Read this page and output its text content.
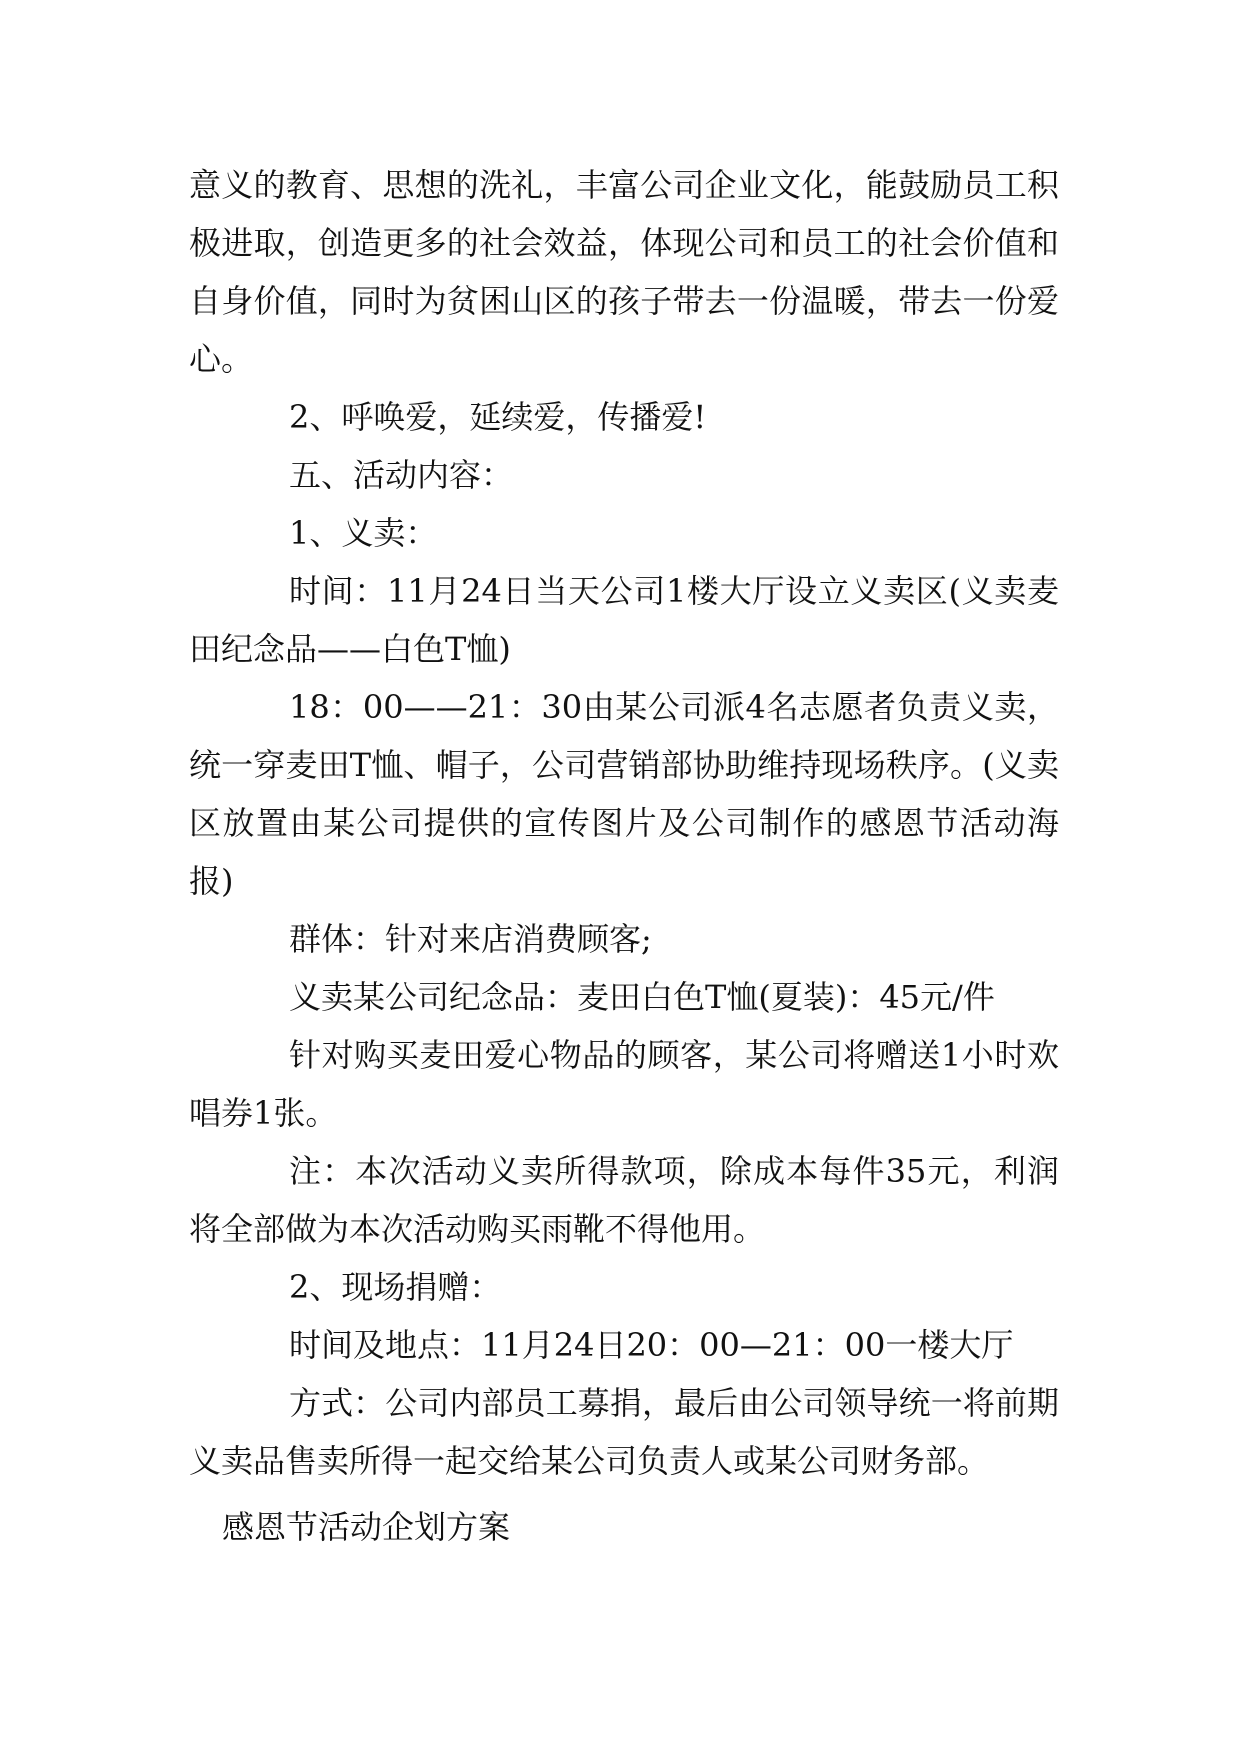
意义的教育、思想的洗礼，丰富公司企业文化，能鼓励员工积极进取，创造更多的社会效益，体现公司和员工的社会价值和自身价值，同时为贫困山区的孩子带去一份温暖，带去一份爱心。

2、呼唤爱，延续爱，传播爱!

五、活动内容：

1、义卖：

时间：11月24日当天公司1楼大厅设立义卖区(义卖麦田纪念品——白色T恤)

18：00——21：30由某公司派4名志愿者负责义卖，统一穿麦田T恤、帽子，公司营销部协助维持现场秩序。(义卖区放置由某公司提供的宣传图片及公司制作的感恩节活动海报)

群体：针对来店消费顾客;

义卖某公司纪念品：麦田白色T恤(夏装)：45元/件

针对购买麦田爱心物品的顾客，某公司将赠送1小时欢唱券1张。

注：本次活动义卖所得款项，除成本每件35元，利润将全部做为本次活动购买雨靴不得他用。

2、现场捐赠：

时间及地点：11月24日20：00—21：00一楼大厅

方式：公司内部员工募捐，最后由公司领导统一将前期义卖品售卖所得一起交给某公司负责人或某公司财务部。

感恩节活动企划方案
